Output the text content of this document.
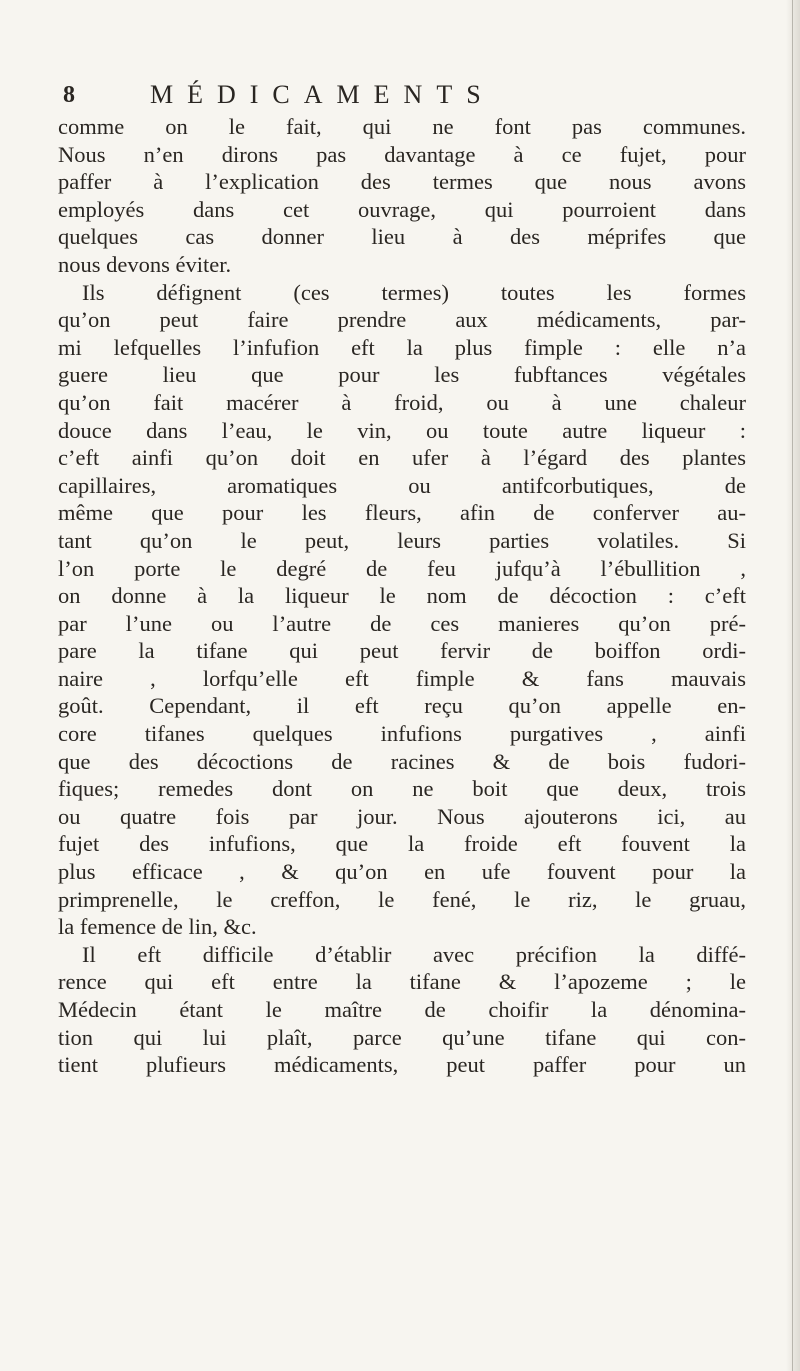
8	MÉDICAMENTS
comme on le fait, qui ne font pas communes.
Nous n’en dirons pas davantage à ce fujet, pour
paffer à l’explication des termes que nous avons
employés dans cet ouvrage, qui pourroient dans
quelques cas donner lieu à des méprifes que
nous devons éviter.
Ils défignent (ces termes) toutes les formes
qu’on peut faire prendre aux médicaments, par-
mi lefquelles l’infufion eft la plus fimple : elle n’a
guere lieu que pour les fubftances végétales
qu’on fait macérer à froid, ou à une chaleur
douce dans l’eau, le vin, ou toute autre liqueur :
c’eft ainfi qu’on doit en ufer à l’égard des plantes
capillaires, aromatiques ou antifcorbutiques, de
même que pour les fleurs, afin de conferver au-
tant qu’on le peut, leurs parties volatiles. Si
l’on porte le degré de feu jufqu’à l’ébullition ,
on donne à la liqueur le nom de décoction : c’eft
par l’une ou l’autre de ces manieres qu’on pré-
pare la tifane qui peut fervir de boiffon ordi-
naire , lorfqu’elle eft fimple & fans mauvais
goût. Cependant, il eft reçu qu’on appelle en-
core tifanes quelques infufions purgatives , ainfi
que des décoctions de racines & de bois fudori-
fiques; remedes dont on ne boit que deux, trois
ou quatre fois par jour. Nous ajouterons ici, au
fujet des infufions, que la froide eft fouvent la
plus efficace , & qu’on en ufe fouvent pour la
primprenelle, le creffon, le fené, le riz, le gruau,
la femence de lin, &c.
Il eft difficile d’établir avec précifion la diffé-
rence qui eft entre la tifane & l’apozeme ; le
Médecin étant le maître de choifir la dénomina-
tion qui lui plaît, parce qu’une tifane qui con-
tient plufieurs médicaments, peut paffer pour un
